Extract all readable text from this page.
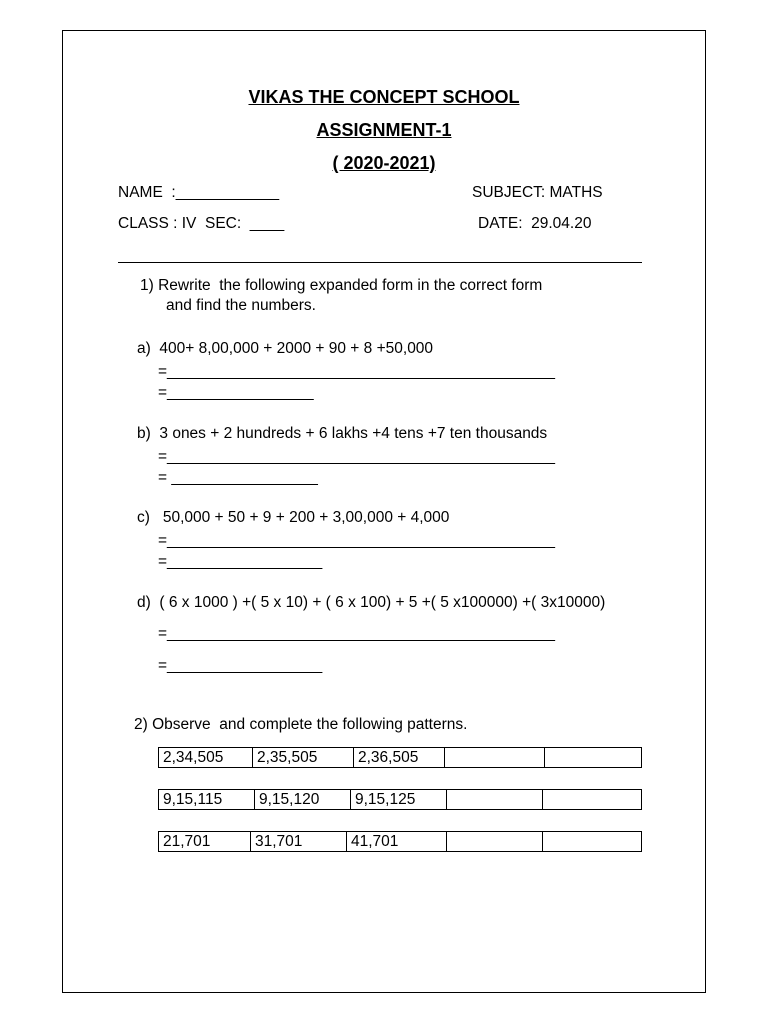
VIKAS THE CONCEPT SCHOOL
ASSIGNMENT-1
( 2020-2021)
NAME  :____________	SUBJECT: MATHS
CLASS : IV  SEC:  ____	DATE:  29.04.20
1) Rewrite  the following expanded form in the correct form
and find the numbers.
a)  400+ 8,00,000 + 2000 + 90 + 8 +50,000
=_____________________________________________
=_________________
b)  3 ones + 2 hundreds + 6 lakhs +4 tens +7 ten thousands
=_____________________________________________
= _________________
c)   50,000 + 50 + 9 + 200 + 3,00,000 + 4,000
=_____________________________________________
=__________________
d)  ( 6 x 1000 ) +( 5 x 10) + ( 6 x 100) + 5 +( 5 x100000) +( 3x10000)
=_____________________________________________
=__________________
2) Observe  and complete the following patterns.
2,34,505	2,35,505	2,36,505		
9,15,115	9,15,120	9,15,125		
21,701	31,701	41,701		
